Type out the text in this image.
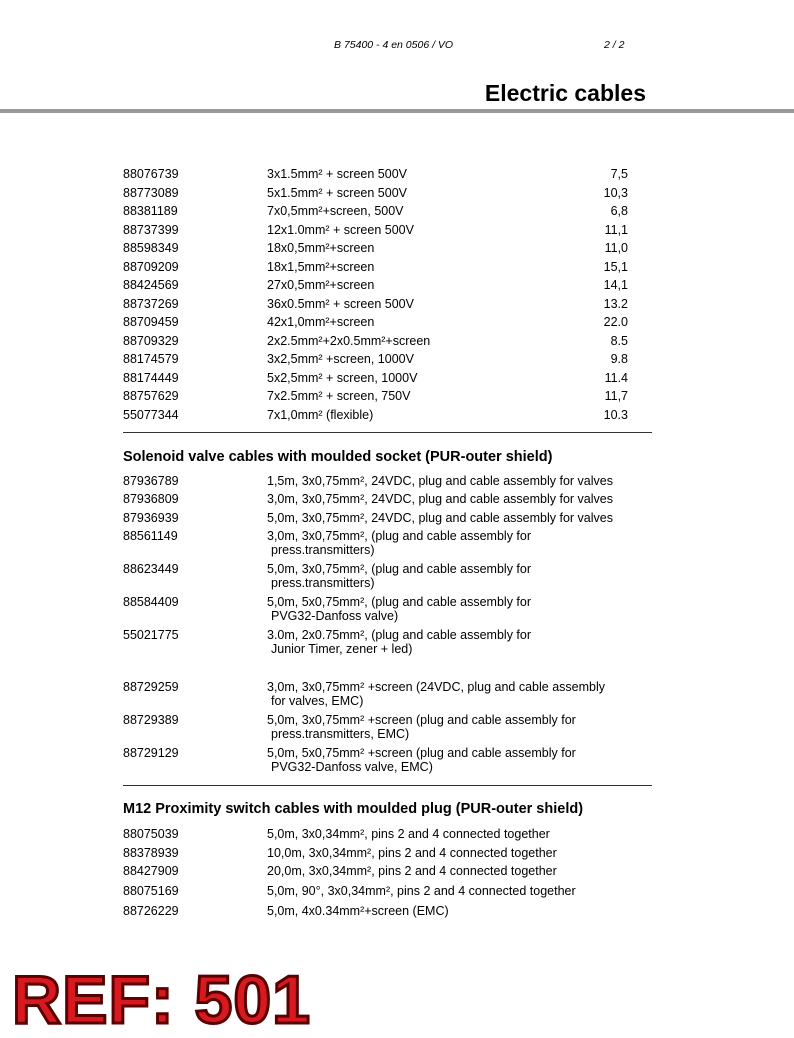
B 75400 - 4 en 0506 / VO	2 / 2
Electric cables
88076739	3x1.5mm² + screen 500V	7,5
88773089	5x1.5mm² + screen 500V	10,3
88381189	7x0,5mm²+screen, 500V	6,8
88737399	12x1.0mm² + screen 500V	11,1
88598349	18x0,5mm²+screen	11,0
88709209	18x1,5mm²+screen	15,1
88424569	27x0,5mm²+screen	14,1
88737269	36x0.5mm² + screen 500V	13.2
88709459	42x1,0mm²+screen	22.0
88709329	2x2.5mm²+2x0.5mm²+screen	8.5
88174579	3x2,5mm² +screen, 1000V	9.8
88174449	5x2,5mm² + screen, 1000V	11.4
88757629	7x2.5mm² + screen, 750V	11,7
55077344	7x1,0mm² (flexible)	10.3
Solenoid valve cables with moulded socket (PUR-outer shield)
87936789	1,5m, 3x0,75mm², 24VDC, plug and cable assembly for valves
87936809	3,0m, 3x0,75mm², 24VDC, plug and cable assembly for valves
87936939	5,0m, 3x0,75mm², 24VDC, plug and cable assembly for valves
88561149	3,0m, 3x0,75mm², (plug and cable assembly for
press.transmitters)
88623449	5,0m, 3x0,75mm², (plug and cable assembly for
press.transmitters)
88584409	5,0m, 5x0,75mm², (plug and cable assembly for
PVG32-Danfoss valve)
55021775	3.0m, 2x0.75mm², (plug and cable assembly for
Junior Timer, zener + led)
88729259	3,0m, 3x0,75mm² +screen (24VDC, plug and cable assembly
for valves, EMC)
88729389	5,0m, 3x0,75mm² +screen (plug and cable assembly for
press.transmitters, EMC)
88729129	5,0m, 5x0,75mm² +screen (plug and cable assembly for
PVG32-Danfoss valve, EMC)
M12 Proximity switch cables with moulded plug (PUR-outer shield)
88075039	5,0m, 3x0,34mm², pins 2 and 4 connected together
88378939	10,0m, 3x0,34mm², pins 2 and 4 connected together
88427909	20,0m, 3x0,34mm², pins 2 and 4 connected together
88075169	5,0m, 90°, 3x0,34mm², pins 2 and 4 connected together
88726229	5,0m, 4x0.34mm²+screen (EMC)
REF: 501
